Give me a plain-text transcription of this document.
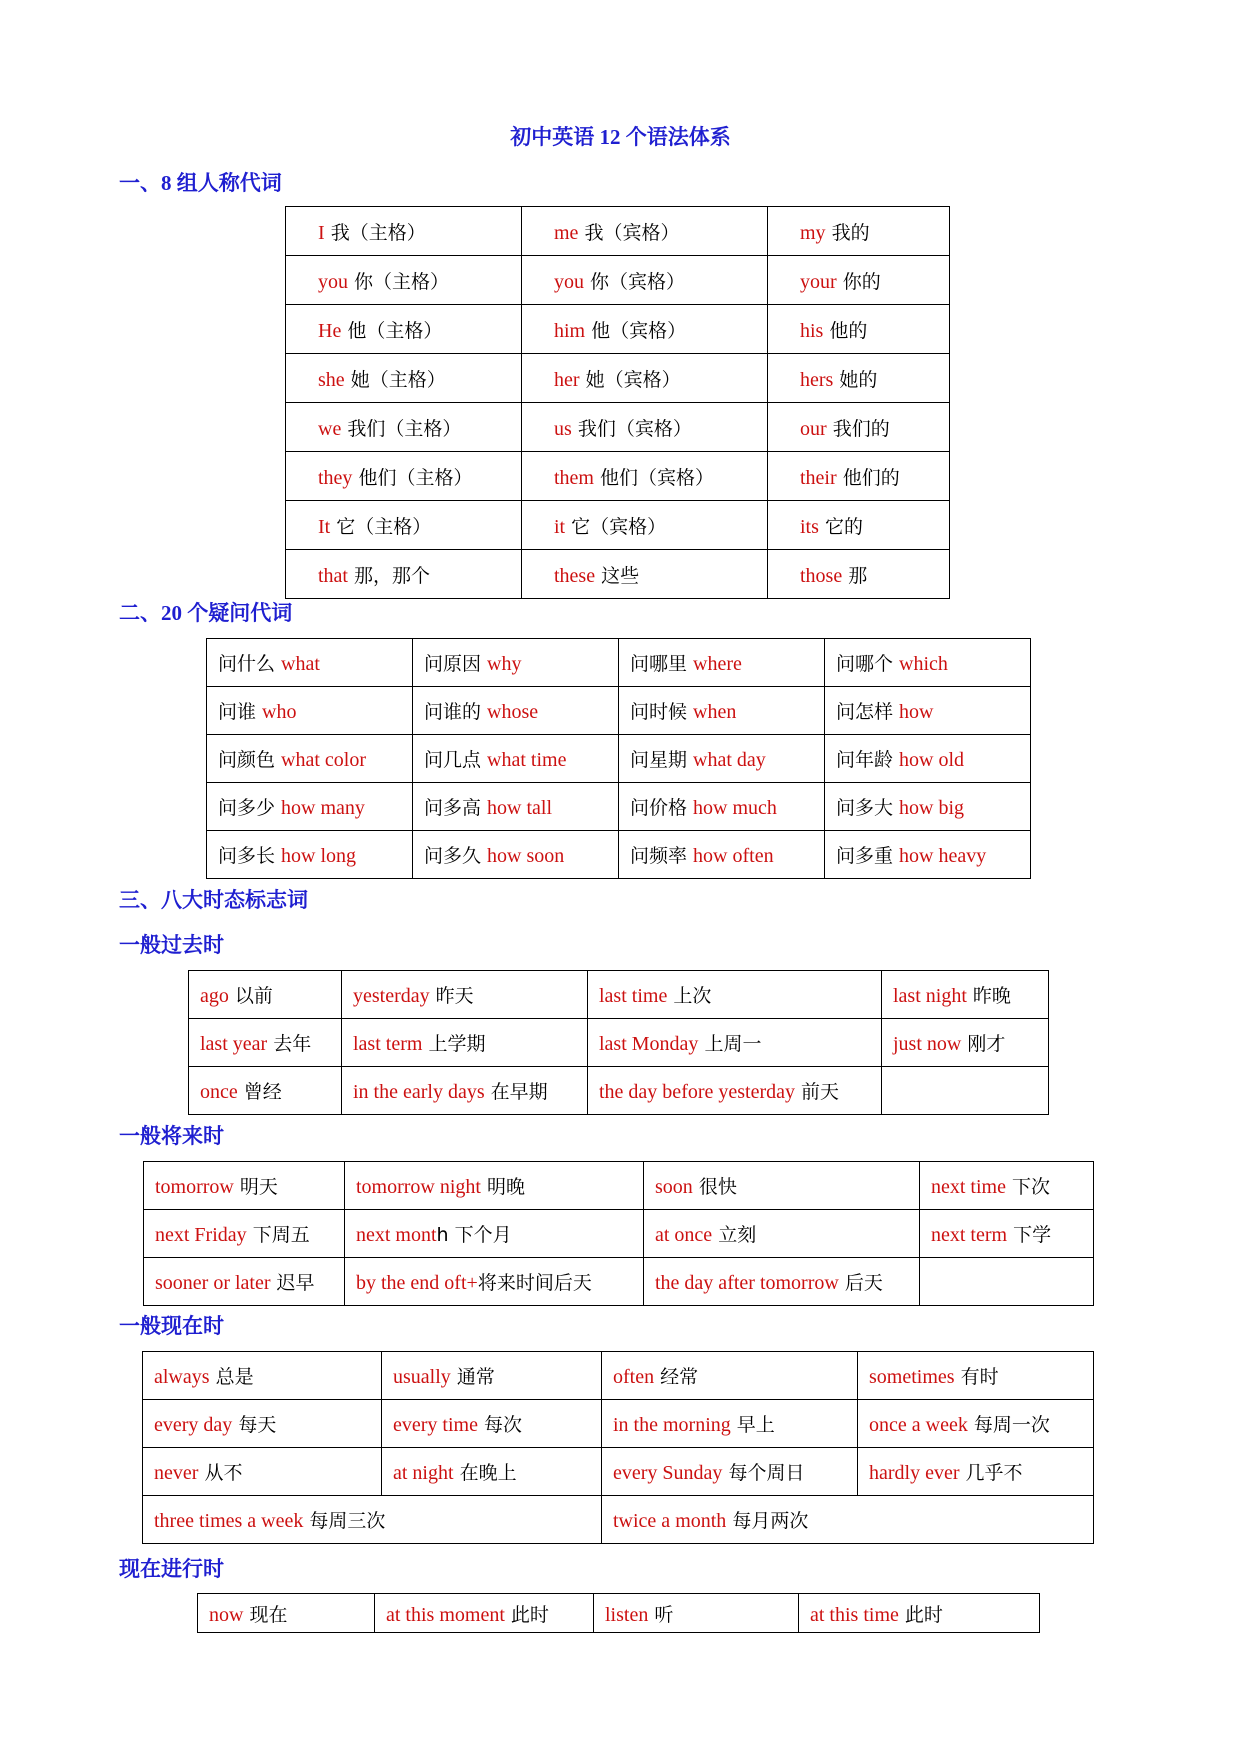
初中英语 12 个语法体系
一、8 组人称代词
I 我（主格）	me 我（宾格）	my 我的
you 你（主格）	you 你（宾格）	your 你的
He 他（主格）	him 他（宾格）	his 他的
she 她（主格）	her 她（宾格）	hers 她的
we 我们（主格）	us 我们（宾格）	our 我们的
they 他们（主格）	them 他们（宾格）	their 他们的
It 它（主格）	it 它（宾格）	its 它的
that 那，那个	these 这些	those 那
二、20 个疑问代词
问什么 what	问原因 why	问哪里 where	问哪个 which
问谁 who	问谁的 whose	问时候 when	问怎样 how
问颜色 what color	问几点 what time	问星期 what day	问年龄 how old
问多少 how many	问多高 how tall	问价格 how much	问多大 how big
问多长 how long	问多久 how soon	问频率 how often	问多重 how heavy
三、八大时态标志词
一般过去时
ago 以前	yesterday 昨天	last time 上次	last night 昨晚
last year 去年	last term 上学期	last Monday 上周一	just now 刚才
once 曾经	in the early days 在早期	the day before yesterday 前天	
一般将来时
tomorrow 明天	tomorrow night 明晚	soon 很快	next time 下次
next Friday 下周五	next month 下个月	at once 立刻	next term 下学
sooner or later 迟早	by the end oft+将来时间后天	the day after tomorrow 后天	
一般现在时
always 总是	usually 通常	often 经常	sometimes 有时
every day 每天	every time 每次	in the morning 早上	once a week 每周一次
never 从不	at night 在晚上	every Sunday 每个周日	hardly ever 几乎不
three times a week 每周三次		twice a month 每月两次	
现在进行时
now 现在	at this moment 此时	listen 听	at this time 此时
